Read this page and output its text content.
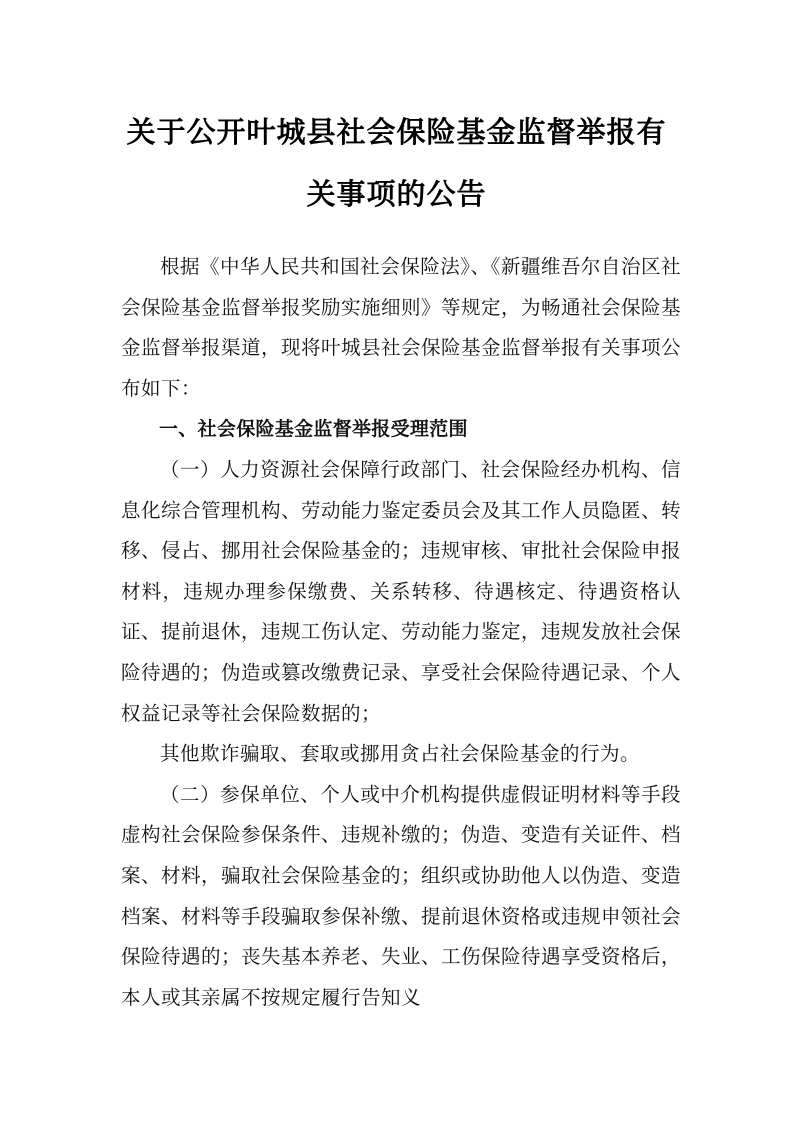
关于公开叶城县社会保险基金监督举报有
关事项的公告

根据《中华人民共和国社会保险法》、《新疆维吾尔自治区社会保险基金监督举报奖励实施细则》等规定，为畅通社会保险基金监督举报渠道，现将叶城县社会保险基金监督举报有关事项公布如下：

一、社会保险基金监督举报受理范围

（一）人力资源社会保障行政部门、社会保险经办机构、信息化综合管理机构、劳动能力鉴定委员会及其工作人员隐匿、转移、侵占、挪用社会保险基金的；违规审核、审批社会保险申报材料，违规办理参保缴费、关系转移、待遇核定、待遇资格认证、提前退休，违规工伤认定、劳动能力鉴定，违规发放社会保险待遇的；伪造或篡改缴费记录、享受社会保险待遇记录、个人权益记录等社会保险数据的；

其他欺诈骗取、套取或挪用贪占社会保险基金的行为。

（二）参保单位、个人或中介机构提供虚假证明材料等手段虚构社会保险参保条件、违规补缴的；伪造、变造有关证件、档案、材料，骗取社会保险基金的；组织或协助他人以伪造、变造档案、材料等手段骗取参保补缴、提前退休资格或违规申领社会保险待遇的；丧失基本养老、失业、工伤保险待遇享受资格后，本人或其亲属不按规定履行告知义
